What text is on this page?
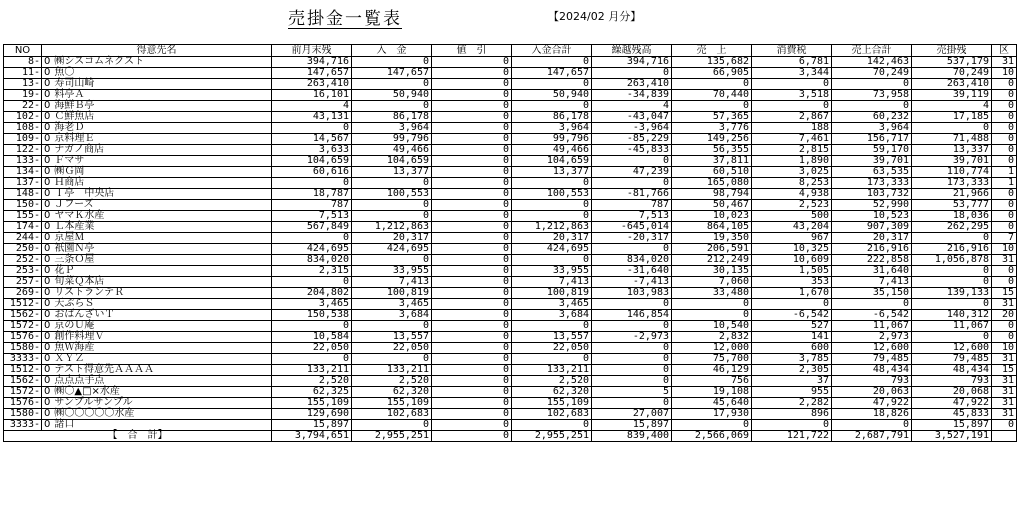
売掛金一覧表	【2024/02 月分】
NO	得意先名	前月末残	入　金	値　引	入金合計	繰越残高	売　上	消費税	売上合計	売掛残	区
8-	0 ㈱シスコムネクスト	394,716	0	0	0	394,716	135,682	6,781	142,463	537,179	31
11-	0 魚〇	147,657	147,657	0	147,657	0	66,905	3,344	70,249	70,249	10
13-	0 寿司山崎	263,410	0	0	0	263,410	0	0	0	263,410	0
19-	0 料亭Ａ	16,101	50,940	0	50,940	-34,839	70,440	3,518	73,958	39,119	0
22-	0 海鮮Ｂ亭	4	0	0	0	4	0	0	0	4	0
102-	0 Ｃ鮮魚店	43,131	86,178	0	86,178	-43,047	57,365	2,867	60,232	17,185	0
108-	0 海老Ｄ	0	3,964	0	3,964	-3,964	3,776	188	3,964	0	0
109-	0 京料理Ｅ	14,567	99,796	0	99,796	-85,229	149,256	7,461	156,717	71,488	0
122-	0 ナガノ商店	3,633	49,466	0	49,466	-45,833	56,355	2,815	59,170	13,337	0
133-	0 Ｆマサ	104,659	104,659	0	104,659	0	37,811	1,890	39,701	39,701	0
134-	0 ㈱Ｇ岡	60,616	13,377	0	13,377	47,239	60,510	3,025	63,535	110,774	1
137-	0 Ｈ商店	0	0	0	0	0	165,080	8,253	173,333	173,333	1
148-	0 Ｉ亭　中央店	18,787	100,553	0	100,553	-81,766	98,794	4,938	103,732	21,966	0
150-	0 Ｊフーズ	787	0	0	0	787	50,467	2,523	52,990	53,777	0
155-	0 ヤマＫ水産	7,513	0	0	0	7,513	10,023	500	10,523	18,036	0
174-	0 Ｌ本産業	567,849	1,212,863	0	1,212,863	-645,014	864,105	43,204	907,309	262,295	0
244-	0 京屋Ｍ	0	20,317	0	20,317	-20,317	19,350	967	20,317	0	7
250-	0 祇園Ｎ亭	424,695	424,695	0	424,695	0	206,591	10,325	216,916	216,916	10
252-	0 三条Ｏ屋	834,020	0	0	0	834,020	212,249	10,609	222,858	1,056,878	31
253-	0 花Ｐ	2,315	33,955	0	33,955	-31,640	30,135	1,505	31,640	0	0
257-	0 旬菜Ｑ本店	0	7,413	0	7,413	-7,413	7,060	353	7,413	0	0
269-	0 リストランテＲ	204,802	100,819	0	100,819	103,983	33,480	1,670	35,150	139,133	15
1512-	0 天ぷらＳ	3,465	3,465	0	3,465	0	0	0	0	0	31
1562-	0 おばんざいＴ	150,538	3,684	0	3,684	146,854	0	-6,542	-6,542	140,312	20
1572-	0 京のＵ庵	0	0	0	0	0	10,540	527	11,067	11,067	0
1576-	0 創作料理Ｖ	10,584	13,557	0	13,557	-2,973	2,832	141	2,973	0	0
1580-	0 魚Ｗ海産	22,050	22,050	0	22,050	0	12,000	600	12,600	12,600	10
3333-	0 ＸＹＺ	0	0	0	0	0	75,700	3,785	79,485	79,485	31
1512-	0 テスト得意先ＡＡＡＡ	133,211	133,211	0	133,211	0	46,129	2,305	48,434	48,434	15
1562-	0 点点点手点	2,520	2,520	0	2,520	0	756	37	793	793	31
1572-	0 ㈱〇▲□×水産	62,325	62,320	0	62,320	5	19,108	955	20,063	20,068	31
1576-	0 サンプルサンプル	155,109	155,109	0	155,109	0	45,640	2,282	47,922	47,922	31
1580-	0 ㈱〇〇〇〇〇水産	129,690	102,683	0	102,683	27,007	17,930	896	18,826	45,833	31
3333-	0 諸口	15,897	0	0	0	15,897	0	0	0	15,897	0
【　合　計】		3,794,651	2,955,251	0	2,955,251	839,400	2,566,069	121,722	2,687,791	3,527,191	
